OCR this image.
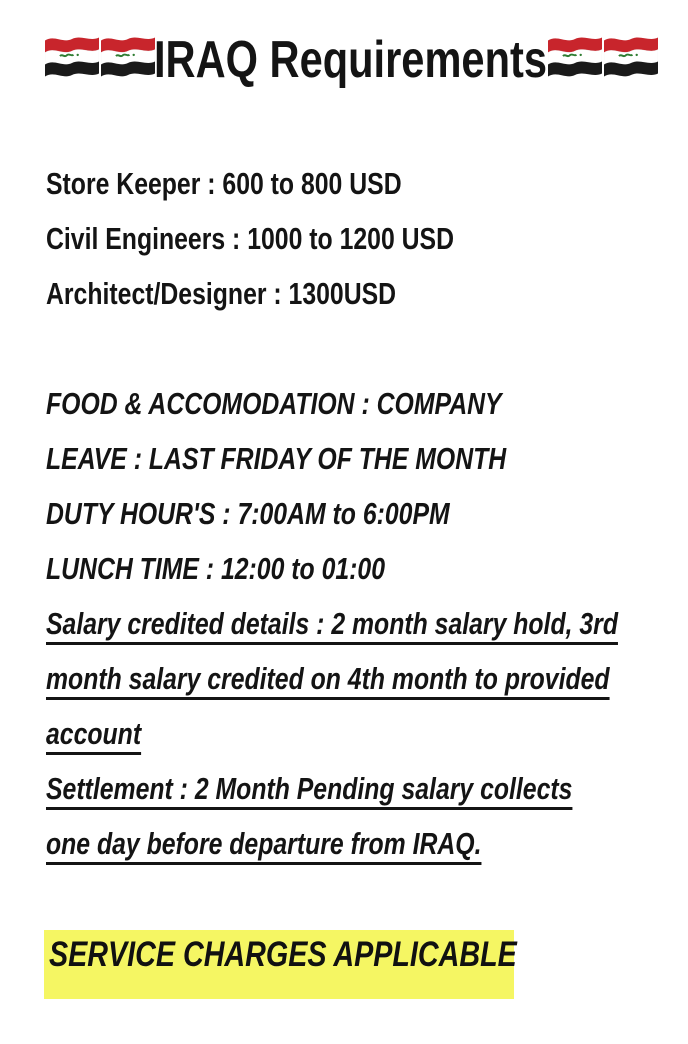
IRAQ Requirements
Store Keeper : 600 to 800 USD
Civil Engineers : 1000 to 1200 USD
Architect/Designer : 1300USD
FOOD & ACCOMODATION : COMPANY
LEAVE : LAST FRIDAY OF THE MONTH
DUTY HOUR'S : 7:00AM to 6:00PM
LUNCH TIME : 12:00 to 01:00
Salary credited details : 2 month salary hold, 3rd
month salary credited on 4th month to provided
account
Settlement : 2 Month Pending salary collects
one day before departure from IRAQ.
SERVICE CHARGES APPLICABLE
